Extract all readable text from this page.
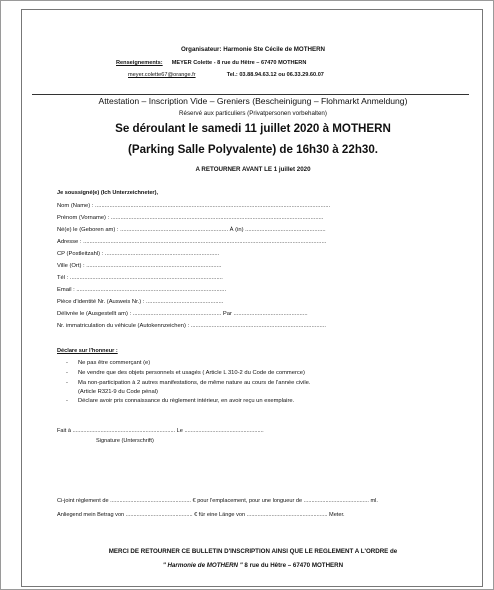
Organisateur: Harmonie Ste Cécile de MOTHERN
Renseignements: MEYER Colette - 8 rue du Hêtre – 67470 MOTHERN
meyer.colette67@orange.fr	Tel.: 03.88.94.63.12 ou 06.33.29.60.07
Attestation – Inscription Vide – Greniers (Bescheinigung – Flohmarkt Anmeldung)
Réservé aux particuliers (Privatpersonen vorbehalten)
Se déroulant le samedi 11 juillet 2020 à MOTHERN
(Parking Salle Polyvalente) de 16h30 à 22h30.
A RETOURNER AVANT LE 1 juillet 2020
Je soussigné(e) (Ich Unterzeichneter),
Nom (Name) : ..................................................................................................................................................
Prénom (Vorname) : ....................................................................................................................................
Né(e) le (Geboren am) : ................................................................... À (in) ..................................................
Adresse : .......................................................................................................................................................
CP (Postleitzahl) : .......................................................................
Ville (Ort) : ....................................................................................
Tél : ...............................................................................................
Email : .............................................................................................
Pièce d'identité Nr. (Ausweis Nr.) : ................................................
Délivrée le (Ausgestellt am) : ....................................................... Par ..............................................
Nr. immatriculation du véhicule (Autokennzeichen) : ....................................................................................
Déclare sur l'honneur :
- Ne pas être commerçant (e)
- Ne vendre que des objets personnels et usagés ( Article L 310-2 du Code de commerce)
- Ma non-participation à 2 autres manifestations, de même nature au cours de l'année civile.
(Article R321-9 du Code pénal)
- Déclare avoir pris connaissance du règlement intérieur, en avoir reçu un exemplaire.
Fait à .................................................................. Le ...................................................
Signature (Unterschrift)
Ci-joint règlement de .................................................... € pour l'emplacement, pour une longueur de .......................................... ml.
Anliegend mein Betrag von ........................................... € für eine Länge von .................................................... Meter.
MERCI DE RETOURNER CE BULLETIN D'INSCRIPTION AINSI QUE LE REGLEMENT A L'ORDRE de
" Harmonie de MOTHERN " 8 rue du Hêtre – 67470 MOTHERN
